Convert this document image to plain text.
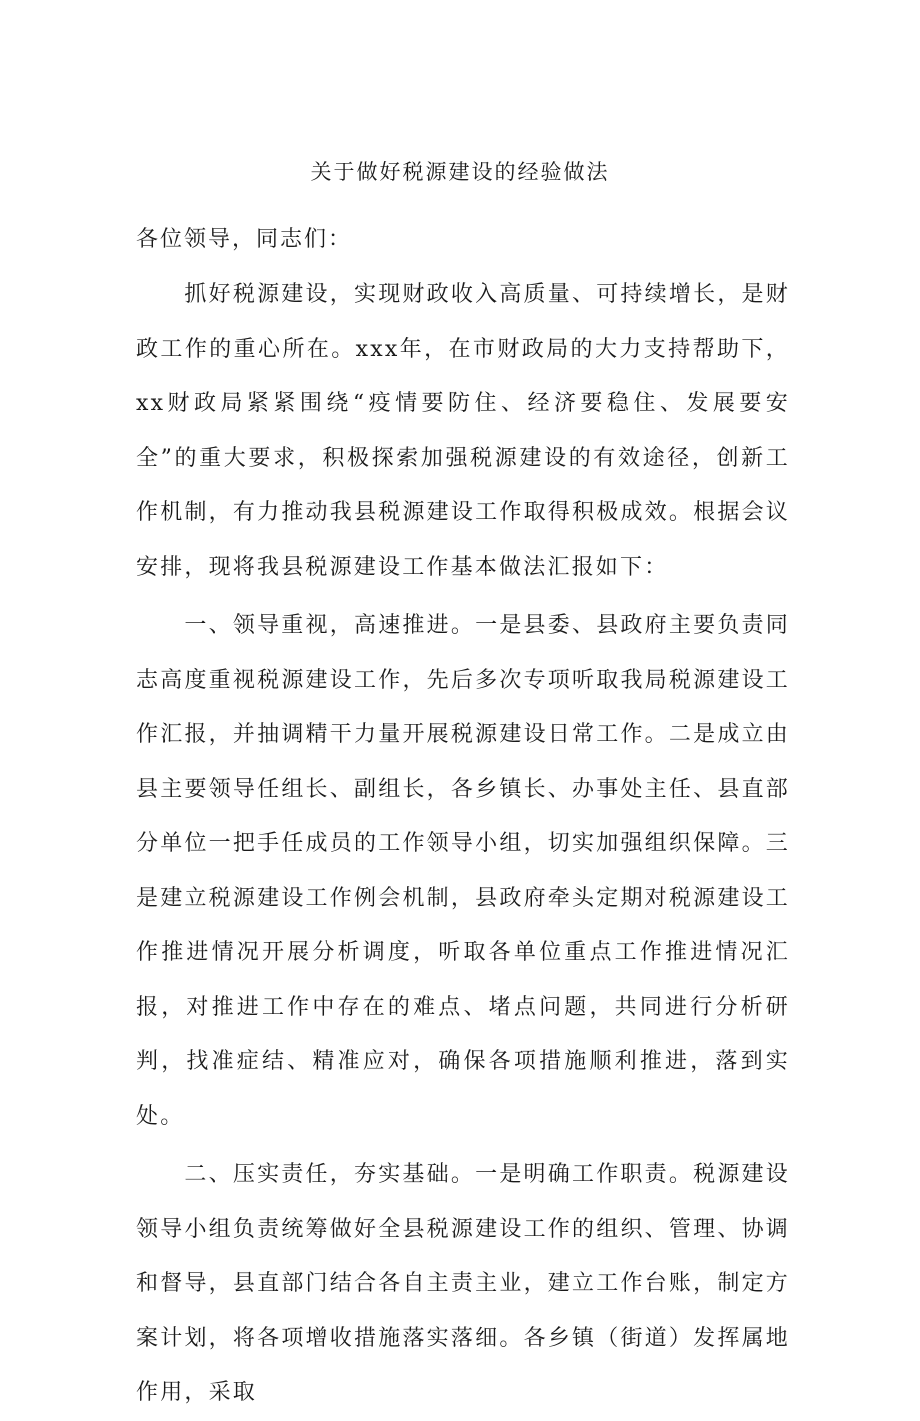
关于做好税源建设的经验做法

各位领导，同志们：

抓好税源建设，实现财政收入高质量、可持续增长，是财政工作的重心所在。xxx年，在市财政局的大力支持帮助下，xx财政局紧紧围绕“疫情要防住、经济要稳住、发展要安全”的重大要求，积极探索加强税源建设的有效途径，创新工作机制，有力推动我县税源建设工作取得积极成效。根据会议安排，现将我县税源建设工作基本做法汇报如下：

一、领导重视，高速推进。一是县委、县政府主要负责同志高度重视税源建设工作，先后多次专项听取我局税源建设工作汇报，并抽调精干力量开展税源建设日常工作。二是成立由县主要领导任组长、副组长，各乡镇长、办事处主任、县直部分单位一把手任成员的工作领导小组，切实加强组织保障。三是建立税源建设工作例会机制，县政府牵头定期对税源建设工作推进情况开展分析调度，听取各单位重点工作推进情况汇报，对推进工作中存在的难点、堵点问题，共同进行分析研判，找准症结、精准应对，确保各项措施顺利推进，落到实处。

二、压实责任，夯实基础。一是明确工作职责。税源建设领导小组负责统筹做好全县税源建设工作的组织、管理、协调和督导，县直部门结合各自主责主业，建立工作台账，制定方案计划，将各项增收措施落实落细。各乡镇（街道）发挥属地作用，采取
